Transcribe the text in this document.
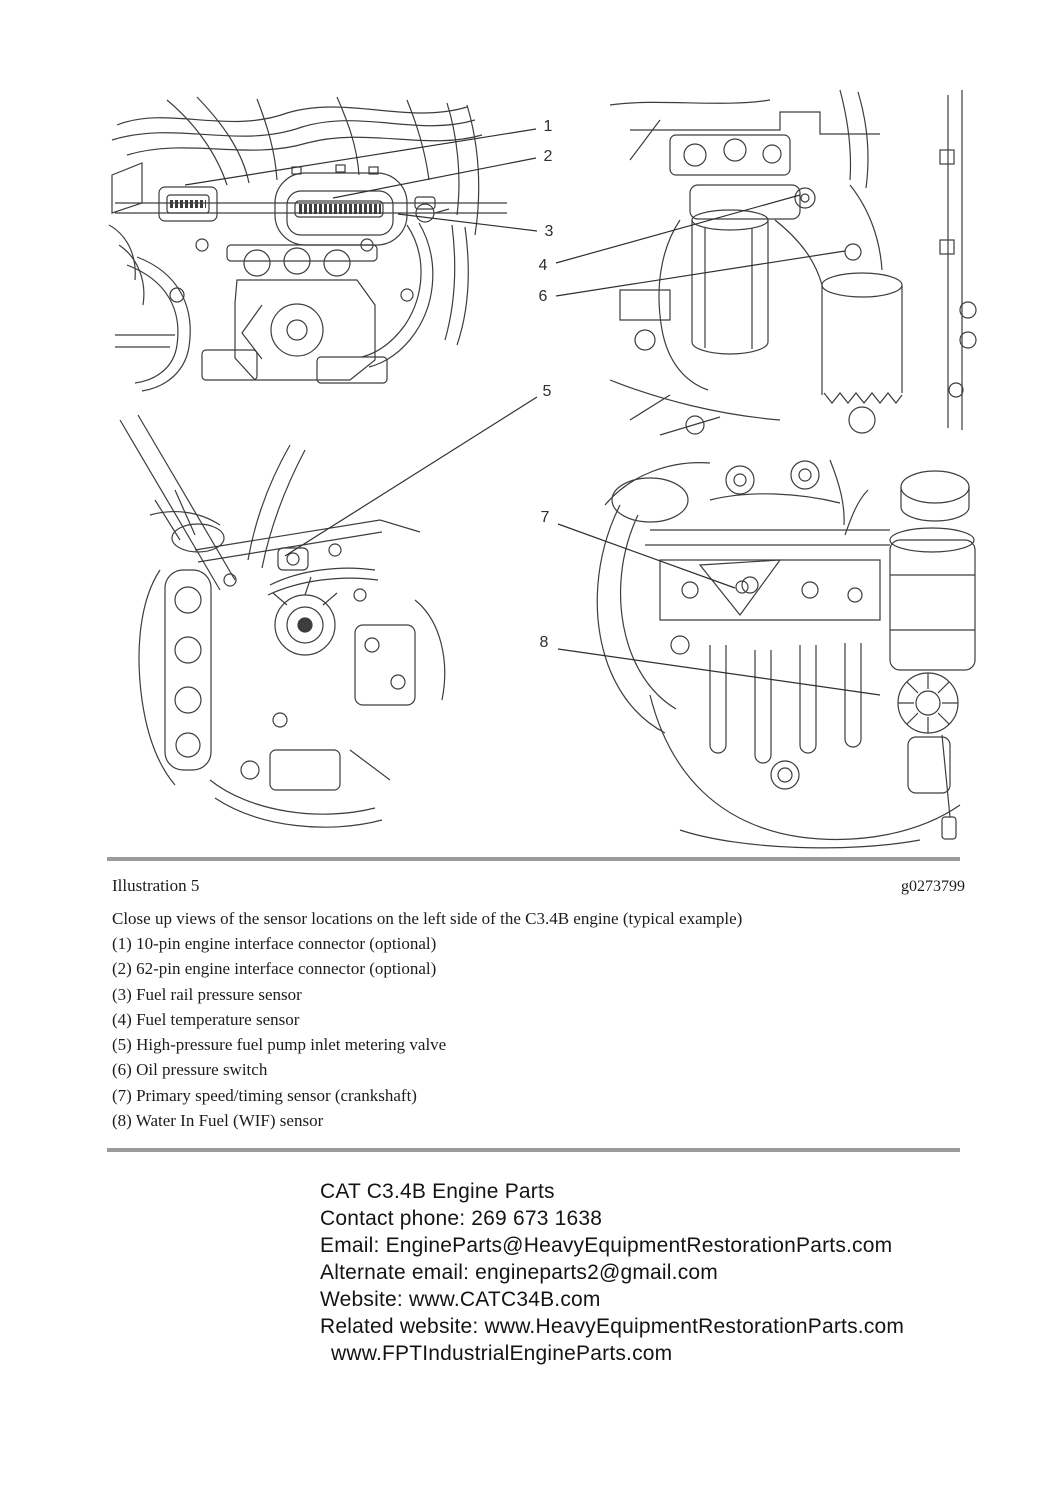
1
2
3
4
5
6
7
8
Illustration 5	g0273799
Close up views of the sensor locations on the left side of the C3.4B engine (typical example)
(1) 10-pin engine interface connector (optional)
(2) 62-pin engine interface connector (optional)
(3) Fuel rail pressure sensor
(4) Fuel temperature sensor
(5) High-pressure fuel pump inlet metering valve
(6) Oil pressure switch
(7) Primary speed/timing sensor (crankshaft)
(8) Water In Fuel (WIF) sensor
CAT C3.4B Engine Parts
Contact phone: 269 673 1638
Email: EngineParts@HeavyEquipmentRestorationParts.com
Alternate email: engineparts2@gmail.com
Website: www.CATC34B.com
Related website: www.HeavyEquipmentRestorationParts.com
www.FPTIndustrialEngineParts.com
